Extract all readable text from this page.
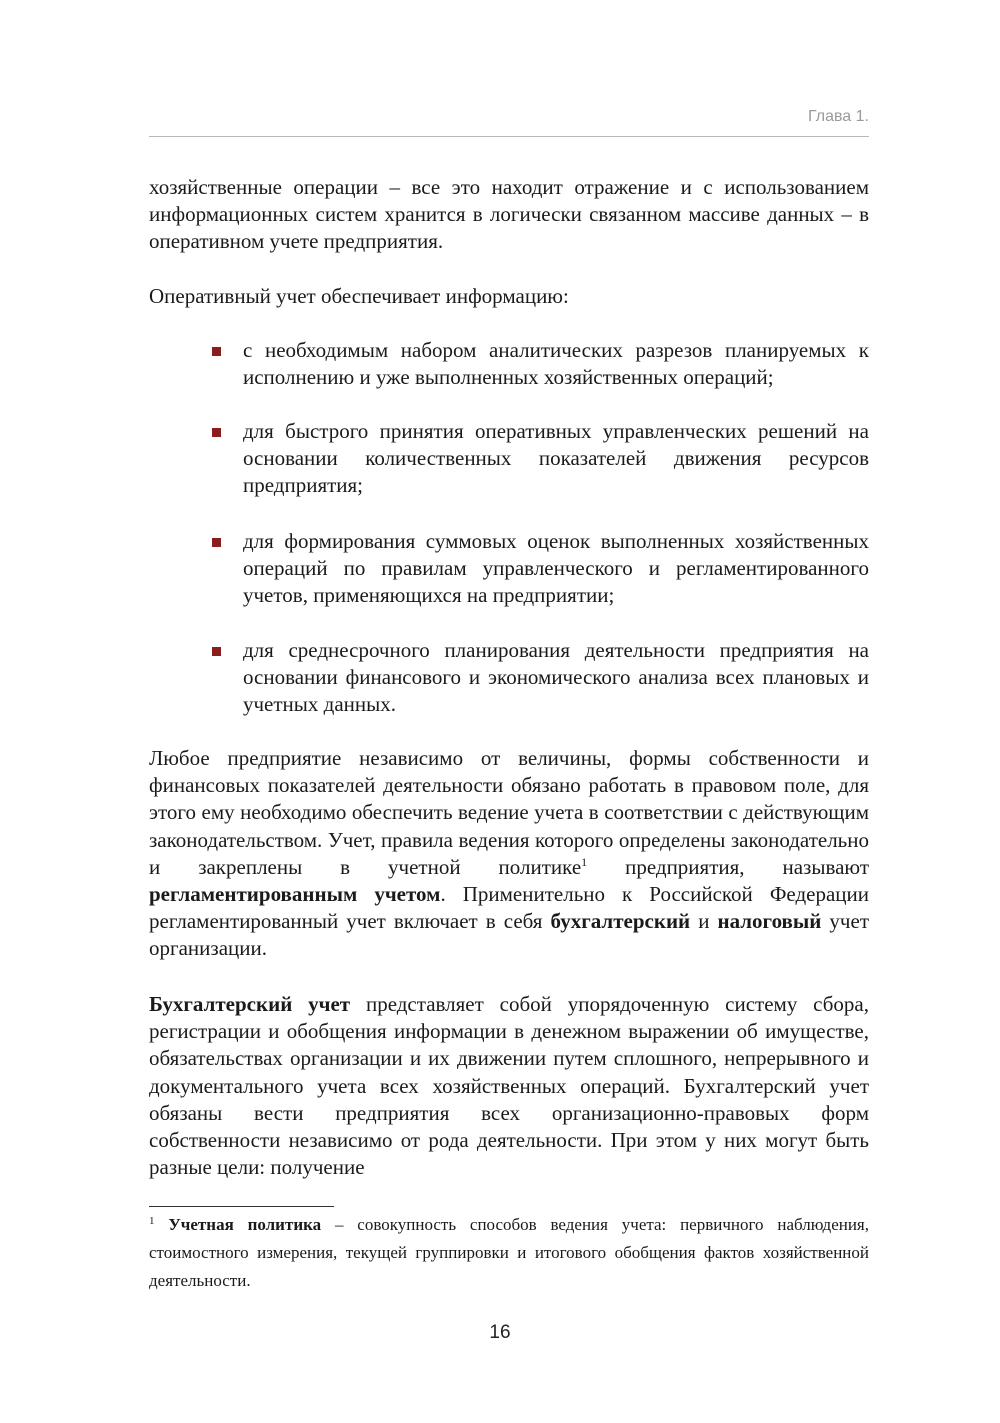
Глава 1.

хозяйственные операции – все это находит отражение и с использованием информационных систем хранится в логически связанном массиве данных – в оперативном учете предприятия.

Оперативный учет обеспечивает информацию:

с необходимым набором аналитических разрезов планируемых к исполнению и уже выполненных хозяйственных операций;
для быстрого принятия оперативных управленческих решений на основании количественных показателей движения ресурсов предприятия;
для формирования суммовых оценок выполненных хозяйственных операций по правилам управленческого и регламентированного учетов, применяющихся на предприятии;
для среднесрочного планирования деятельности предприятия на основании финансового и экономического анализа всех плановых и учетных данных.

Любое предприятие независимо от величины, формы собственности и финансовых показателей деятельности обязано работать в правовом поле, для этого ему необходимо обеспечить ведение учета в соответствии с действующим законодательством. Учет, правила ведения которого определены законодательно и закреплены в учетной политике$^1$ предприятия, называют регламентированным учетом. Применительно к Российской Федерации регламентированный учет включает в себя бухгалтерский и налоговый учет организации.

Бухгалтерский учет представляет собой упорядоченную систему сбора, регистрации и обобщения информации в денежном выражении об имуществе, обязательствах организации и их движении путем сплошного, непрерывного и документального учета всех хозяйственных операций. Бухгалтерский учет обязаны вести предприятия всех организационно-правовых форм собственности независимо от рода деятельности. При этом у них могут быть разные цели: получение

$^1$ Учетная политика – совокупность способов ведения учета: первичного наблюдения, стоимостного измерения, текущей группировки и итогового обобщения фактов хозяйственной деятельности.

16
